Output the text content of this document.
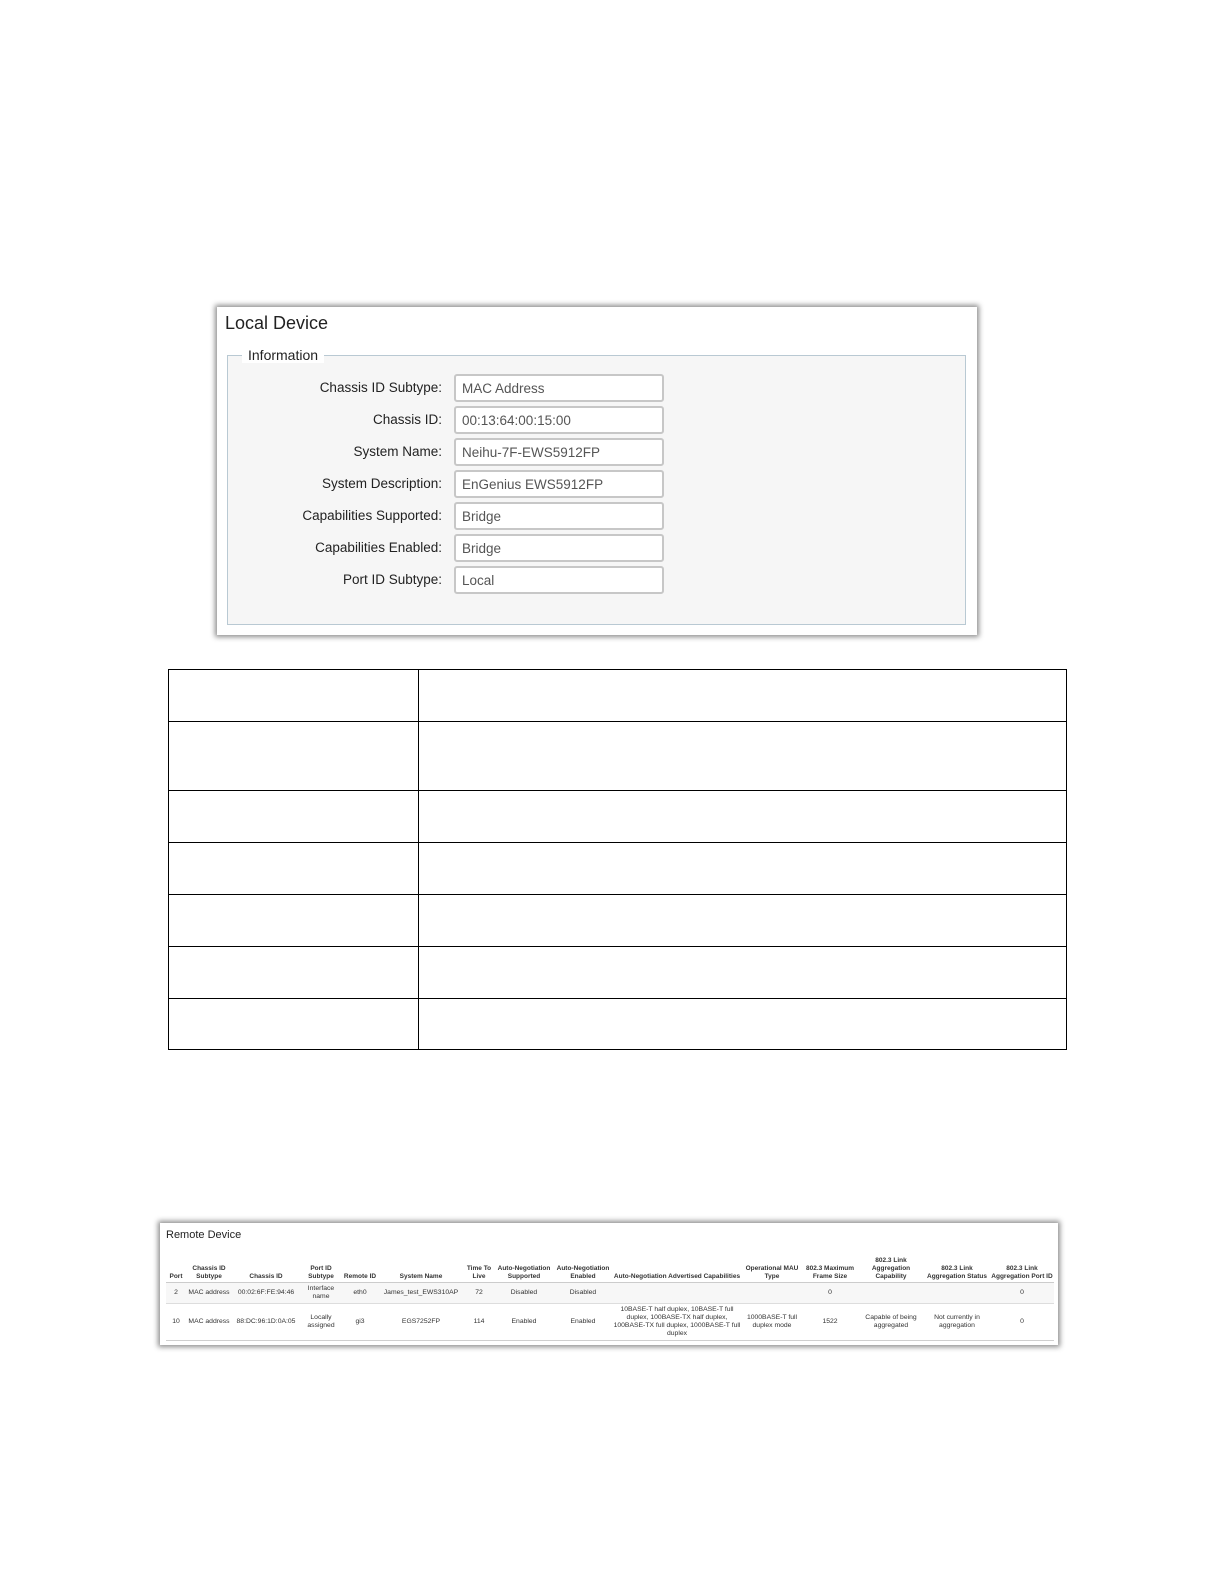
Local Device
Information
Chassis ID Subtype:
MAC Address
Chassis ID:
00:13:64:00:15:00
System Name:
Neihu-7F-EWS5912FP
System Description:
EnGenius EWS5912FP
Capabilities Supported:
Bridge
Capabilities Enabled:
Bridge
Port ID Subtype:
Local

Remote Device
Port	Chassis ID Subtype	Chassis ID	Port ID Subtype	Remote ID	System Name	Time To Live	Auto-Negotiation Supported	Auto-Negotiation Enabled	Auto-Negotiation Advertised Capabilities	Operational MAU Type	802.3 Maximum Frame Size	802.3 Link Aggregation Capability	802.3 Link Aggregation Status	802.3 Link Aggregation Port ID
2	MAC address	00:02:6F:FE:94:46	Interface name	eth0	James_test_EWS310AP	72	Disabled	Disabled			0			0
10	MAC address	88:DC:96:1D:0A:05	Locally assigned	gi3	EGS7252FP	114	Enabled	Enabled	10BASE-T half duplex, 10BASE-T full duplex, 100BASE-TX half duplex, 100BASE-TX full duplex, 1000BASE-T full duplex	1000BASE-T full duplex mode	1522	Capable of being aggregated	Not currently in aggregation	0
